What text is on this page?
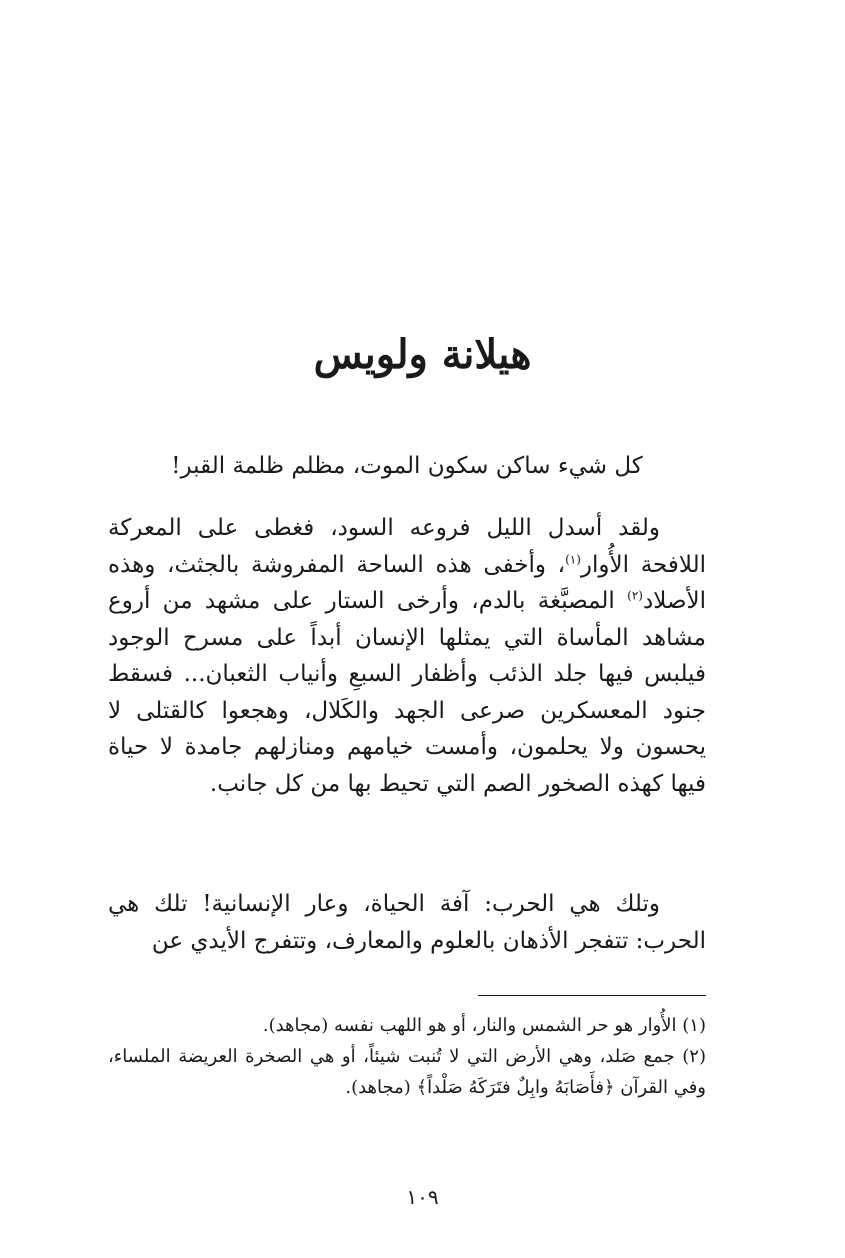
هيلانة ولويس

كل شيء ساكن سكون الموت، مظلم ظلمة القبر!

ولقد أسدل الليل فروعه السود، فغطى على المعركة اللافحة الأُوار$^{(١)}$، وأخفى هذه الساحة المفروشة بالجثث، وهذه الأصلاد$^{(٢)}$ المصبَّغة بالدم، وأرخى الستار على مشهد من أروع مشاهد المأساة التي يمثلها الإنسان أبداً على مسرح الوجود فيلبس فيها جلد الذئب وأظفار السبعِ وأنياب الثعبان... فسقط جنود المعسكرين صرعى الجهد والكَلال، وهجعوا كالقتلى لا يحسون ولا يحلمون، وأمست خيامهم ومنازلهم جامدة لا حياة فيها كهذه الصخور الصم التي تحيط بها من كل جانب.

وتلك هي الحرب: آفة الحياة، وعار الإنسانية! تلك هي الحرب: تتفجر الأذهان بالعلوم والمعارف، وتتفرج الأيدي عن

(١) الأُوار هو حر الشمس والنار، أو هو اللهب نفسه (مجاهد).

(٢) جمع صَلد، وهي الأرض التي لا تُنبت شيئاً، أو هي الصخرة العريضة الملساء، وفي القرآن ﴿فأَصَابَهُ وابِلٌ فتَرَكَهُ صَلْداً﴾ (مجاهد).

١٠٩
